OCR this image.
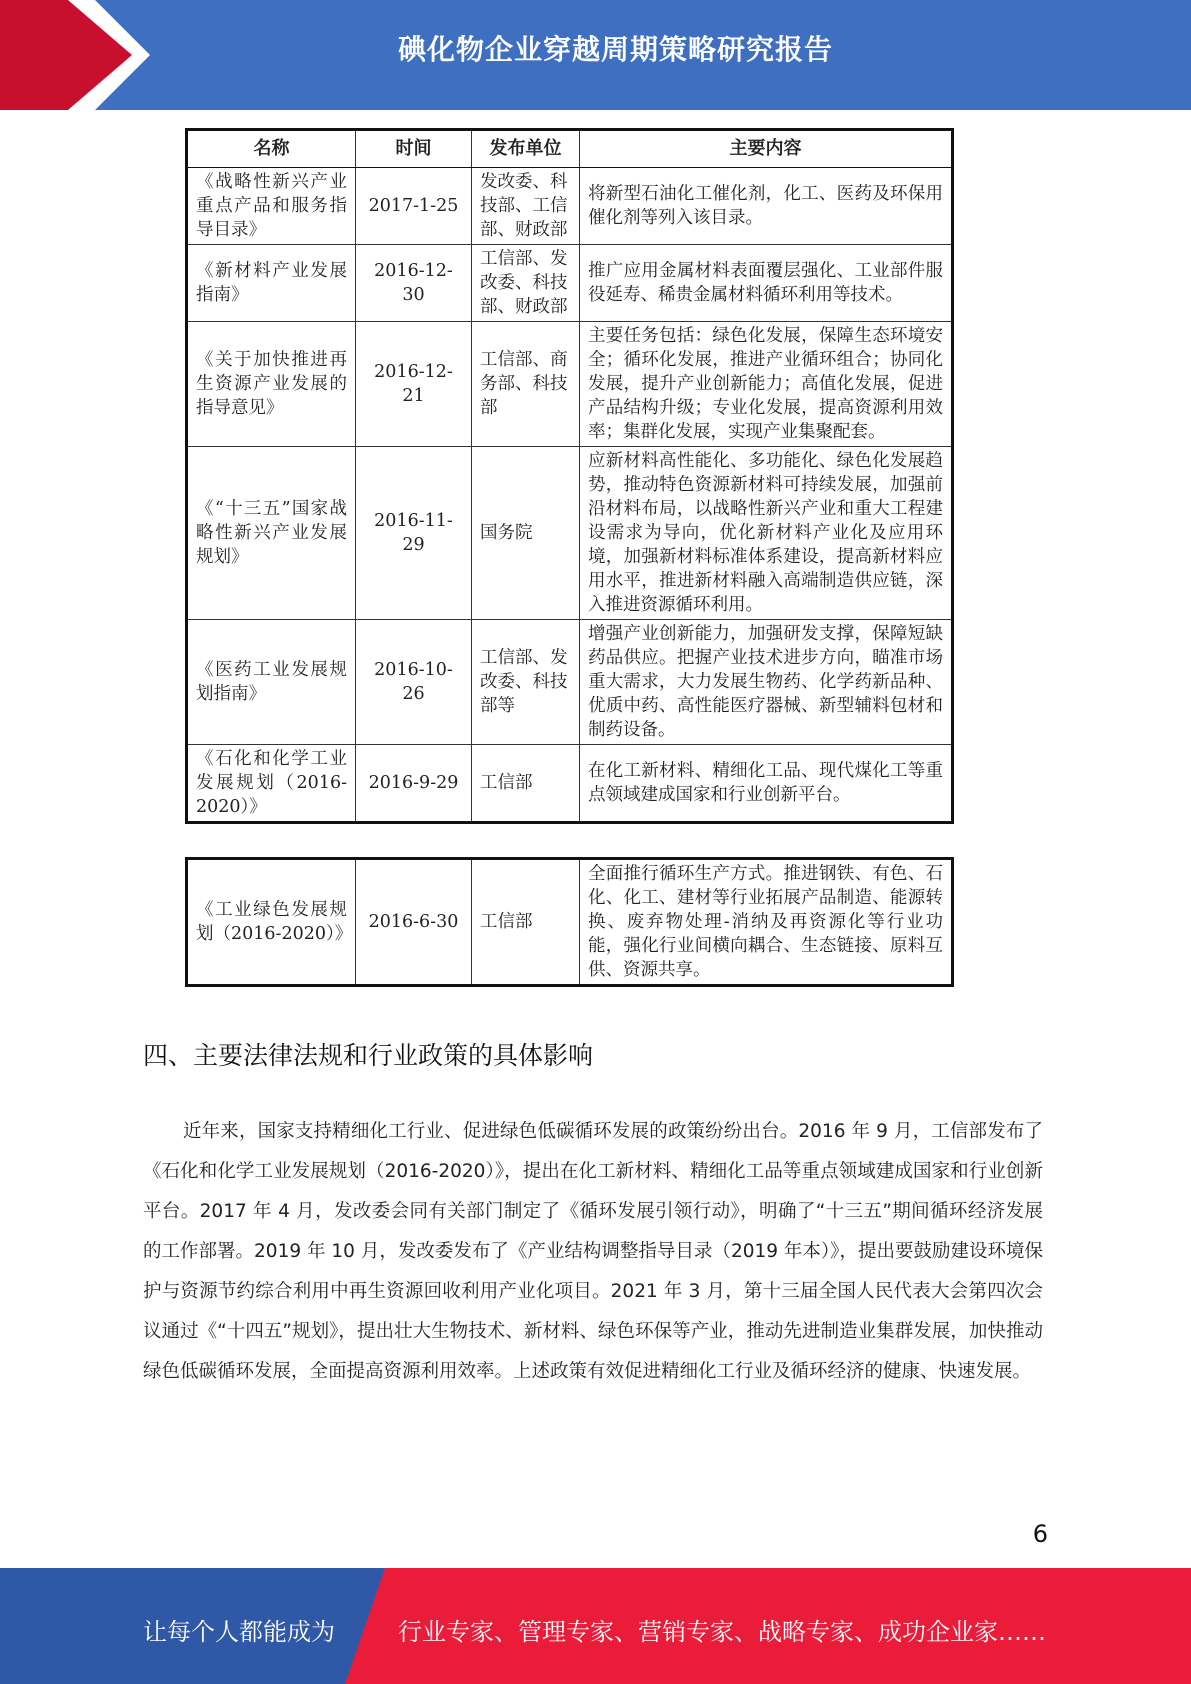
碘化物企业穿越周期策略研究报告
名称	时间	发布单位	主要内容
《战略性新兴产业重点产品和服务指导目录》	2017-1-25	发改委、科技部、工信部、财政部	将新型石油化工催化剂，化工、医药及环保用催化剂等列入该目录。
《新材料产业发展指南》	2016-12-30	工信部、发改委、科技部、财政部	推广应用金属材料表面覆层强化、工业部件服役延寿、稀贵金属材料循环利用等技术。
《关于加快推进再生资源产业发展的指导意见》	2016-12-21	工信部、商务部、科技部	主要任务包括：绿色化发展，保障生态环境安全；循环化发展，推进产业循环组合；协同化发展，提升产业创新能力；高值化发展，促进产品结构升级；专业化发展，提高资源利用效率；集群化发展，实现产业集聚配套。
《“十三五”国家战略性新兴产业发展规划》	2016-11-29	国务院	应新材料高性能化、多功能化、绿色化发展趋势，推动特色资源新材料可持续发展，加强前沿材料布局，以战略性新兴产业和重大工程建设需求为导向，优化新材料产业化及应用环境，加强新材料标准体系建设，提高新材料应用水平，推进新材料融入高端制造供应链，深入推进资源循环利用。
《医药工业发展规划指南》	2016-10-26	工信部、发改委、科技部等	增强产业创新能力，加强研发支撑，保障短缺药品供应。把握产业技术进步方向，瞄准市场重大需求，大力发展生物药、化学药新品种、优质中药、高性能医疗器械、新型辅料包材和制药设备。
《石化和化学工业发展规划（2016-2020）》	2016-9-29	工信部	在化工新材料、精细化工品、现代煤化工等重点领域建成国家和行业创新平台。
《工业绿色发展规划（2016-2020）》	2016-6-30	工信部	全面推行循环生产方式。推进钢铁、有色、石化、化工、建材等行业拓展产品制造、能源转换、废弃物处理-消纳及再资源化等行业功能，强化行业间横向耦合、生态链接、原料互供、资源共享。
四、主要法律法规和行业政策的具体影响

近年来，国家支持精细化工行业、促进绿色低碳循环发展的政策纷纷出台。2016 年 9 月，工信部发布了《石化和化学工业发展规划（2016-2020）》，提出在化工新材料、精细化工品等重点领域建成国家和行业创新平台。2017 年 4 月，发改委会同有关部门制定了《循环发展引领行动》，明确了“十三五”期间循环经济发展的工作部署。2019 年 10 月，发改委发布了《产业结构调整指导目录（2019 年本）》，提出要鼓励建设环境保护与资源节约综合利用中再生资源回收利用产业化项目。2021 年 3 月，第十三届全国人民代表大会第四次会议通过《“十四五”规划》，提出壮大生物技术、新材料、绿色环保等产业，推动先进制造业集群发展，加快推动绿色低碳循环发展，全面提高资源利用效率。上述政策有效促进精细化工行业及循环经济的健康、快速发展。

6
让每个人都能成为	行业专家、管理专家、营销专家、战略专家、成功企业家……
